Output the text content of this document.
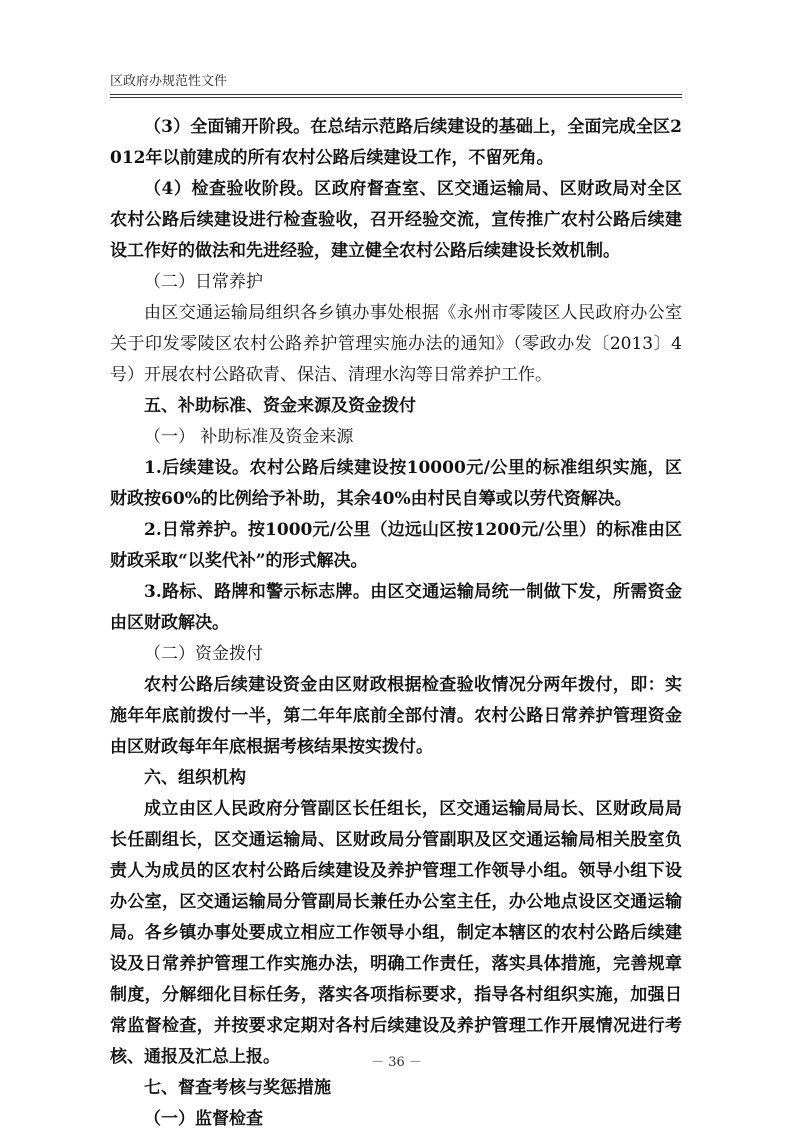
区政府办规范性文件

（3）全面铺开阶段。在总结示范路后续建设的基础上，全面完成全区2012年以前建成的所有农村公路后续建设工作，不留死角。

（4）检查验收阶段。区政府督查室、区交通运输局、区财政局对全区农村公路后续建设进行检查验收，召开经验交流，宣传推广农村公路后续建设工作好的做法和先进经验，建立健全农村公路后续建设长效机制。

（二）日常养护

由区交通运输局组织各乡镇办事处根据《永州市零陵区人民政府办公室关于印发零陵区农村公路养护管理实施办法的通知》（零政办发〔2013〕4号）开展农村公路砍青、保洁、清理水沟等日常养护工作。

五、补助标准、资金来源及资金拨付

（一） 补助标准及资金来源

1.后续建设。农村公路后续建设按10000元/公里的标准组织实施，区财政按60%的比例给予补助，其余40%由村民自筹或以劳代资解决。

2.日常养护。按1000元/公里（边远山区按1200元/公里）的标准由区财政采取“以奖代补”的形式解决。

3.路标、路牌和警示标志牌。由区交通运输局统一制做下发，所需资金由区财政解决。

（二）资金拨付

农村公路后续建设资金由区财政根据检查验收情况分两年拨付，即：实施年年底前拨付一半，第二年年底前全部付清。农村公路日常养护管理资金由区财政每年年底根据考核结果按实拨付。

六、组织机构

成立由区人民政府分管副区长任组长，区交通运输局局长、区财政局局长任副组长，区交通运输局、区财政局分管副职及区交通运输局相关股室负责人为成员的区农村公路后续建设及养护管理工作领导小组。领导小组下设办公室，区交通运输局分管副局长兼任办公室主任，办公地点设区交通运输局。各乡镇办事处要成立相应工作领导小组，制定本辖区的农村公路后续建设及日常养护管理工作实施办法，明确工作责任，落实具体措施，完善规章制度，分解细化目标任务，落实各项指标要求，指导各村组织实施，加强日常监督检查，并按要求定期对各村后续建设及养护管理工作开展情况进行考核、通报及汇总上报。

七、督查考核与奖惩措施

（一）监督检查

－ 36 －
